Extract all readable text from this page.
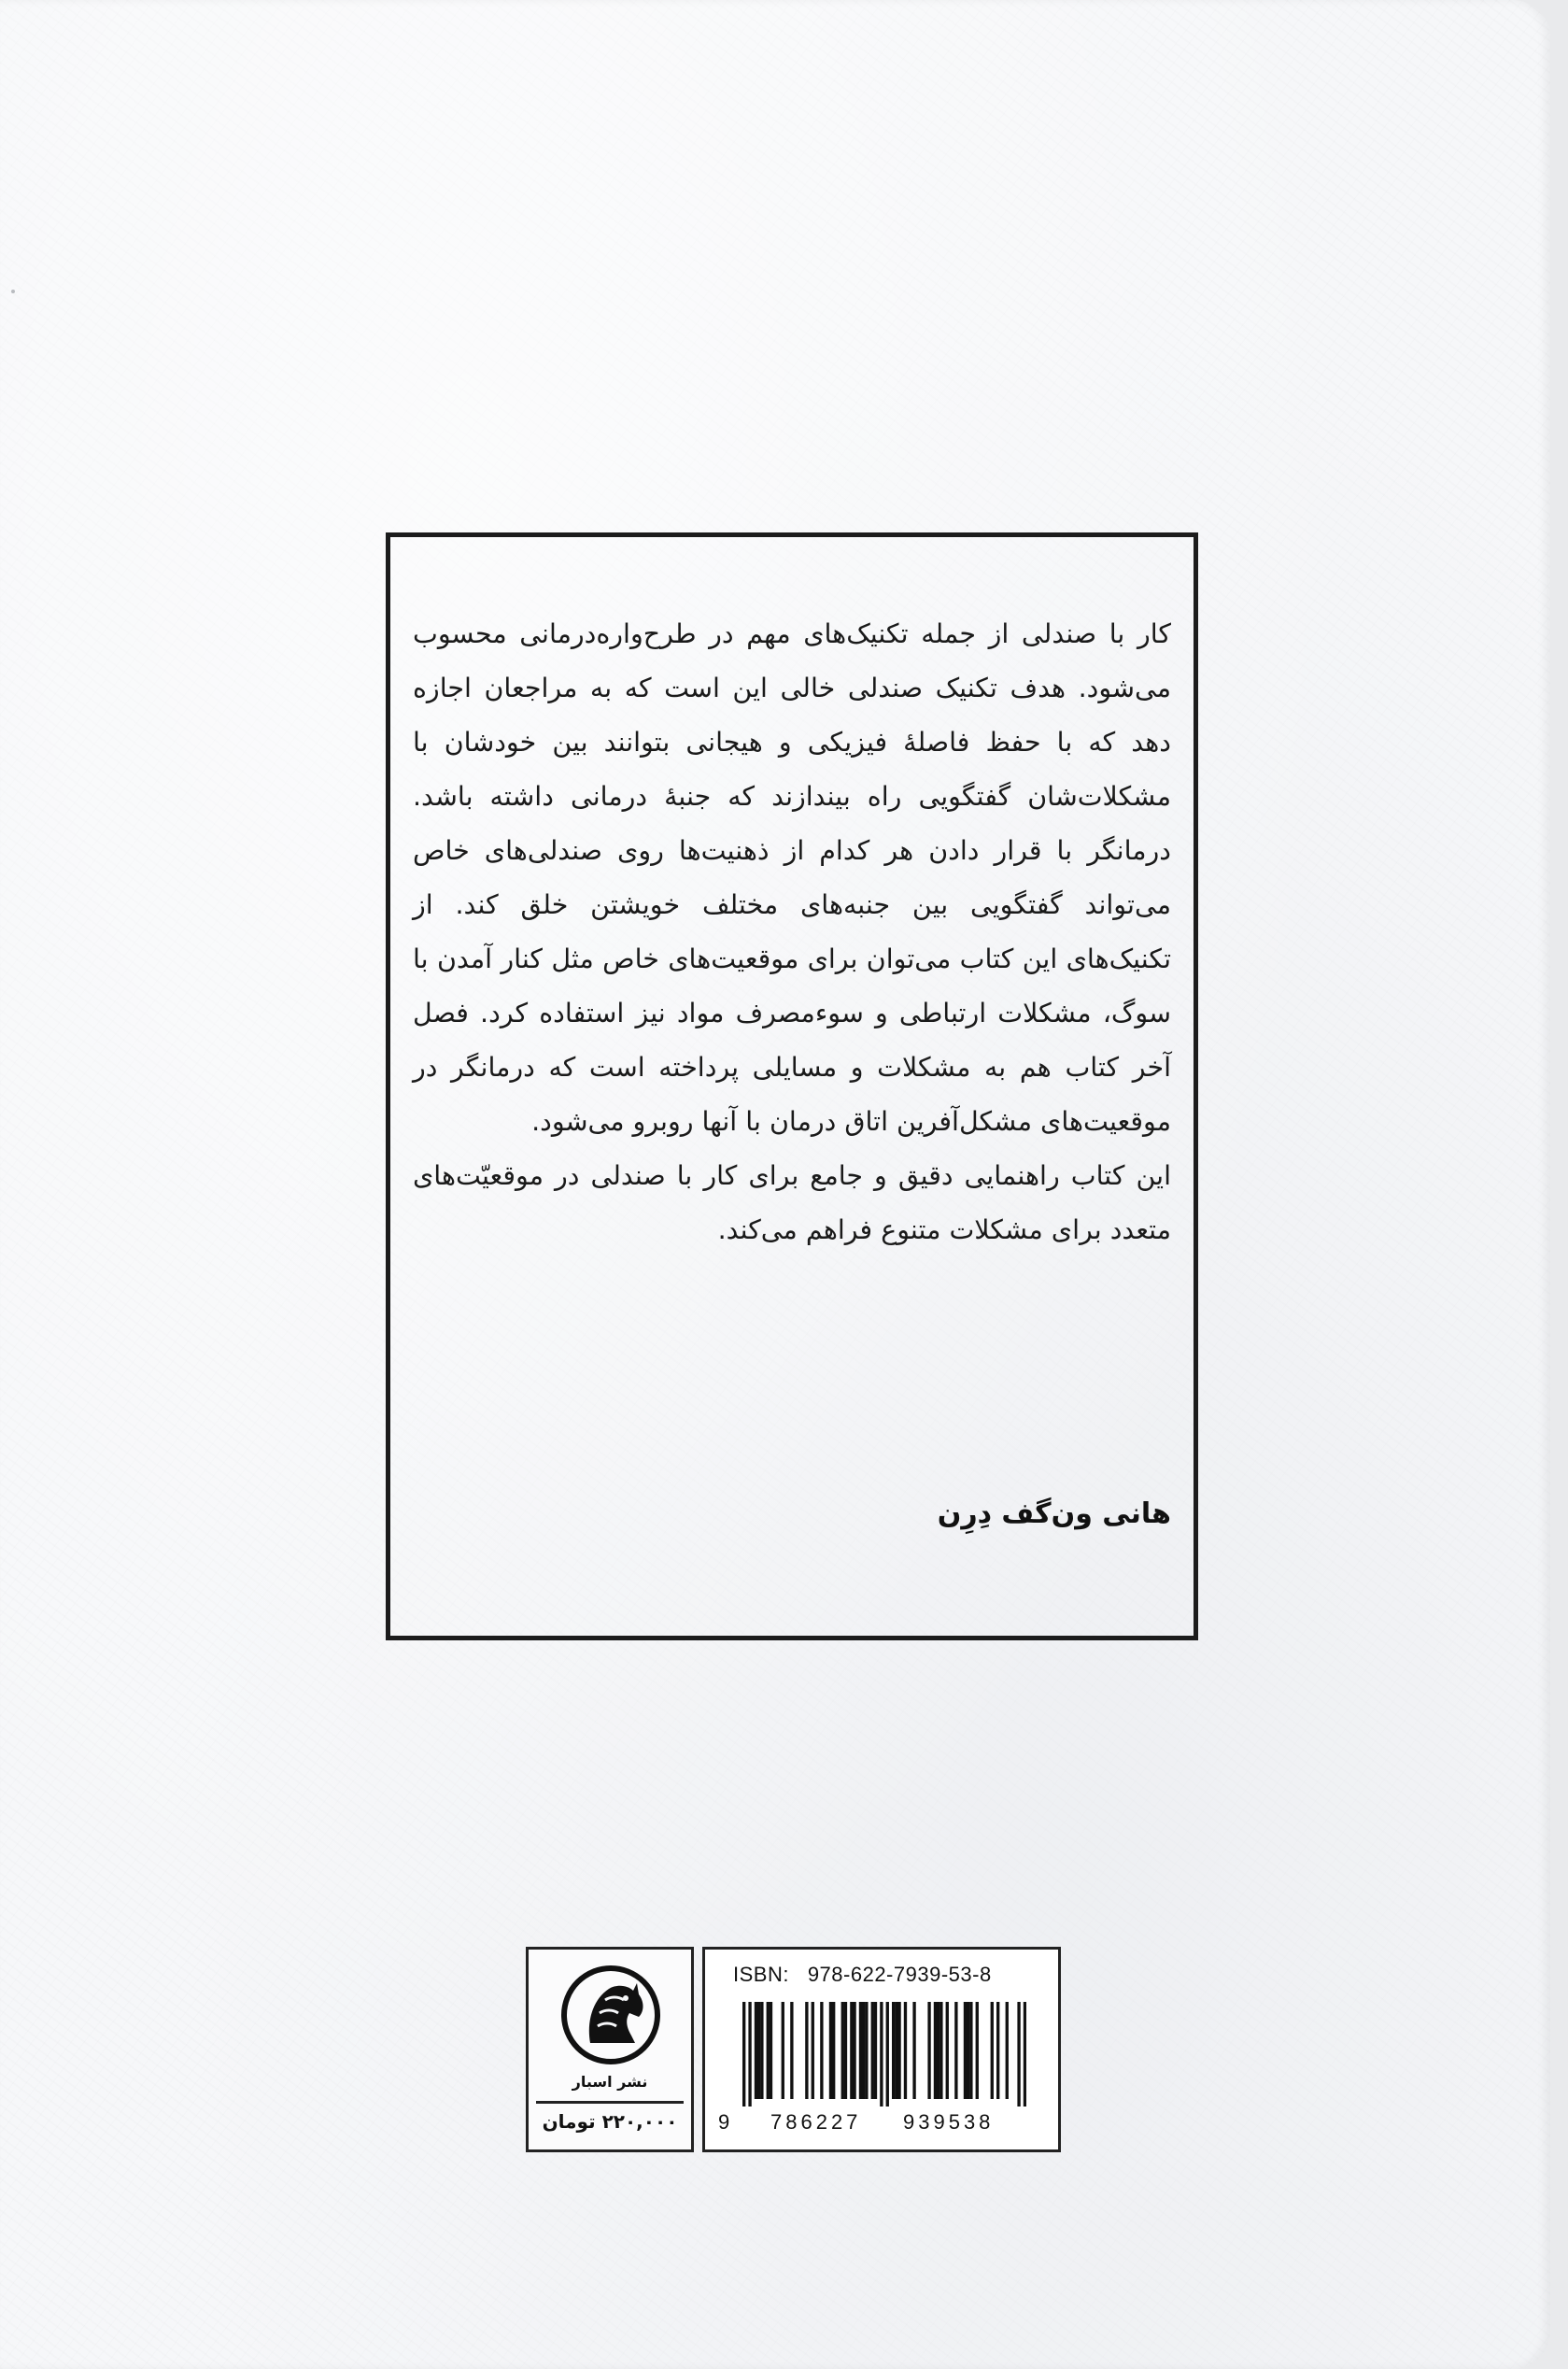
کار با صندلی از جمله تکنیک‌های مهم در طرح‌واره‌درمانی محسوب می‌شود. هدف تکنیک صندلی خالی این است که به مراجعان اجازه دهد که با حفظ فاصلهٔ فیزیکی و هیجانی بتوانند بین خودشان با مشکلات‌شان گفتگویی راه بیندازند که جنبهٔ درمانی داشته باشد. درمانگر با قرار دادن هر کدام از ذهنیت‌ها روی صندلی‌های خاص می‌تواند گفتگویی بین جنبه‌های مختلف خویشتن خلق کند. از تکنیک‌های این کتاب می‌توان برای موقعیت‌های خاص مثل کنار آمدن با سوگ، مشکلات ارتباطی و سوءمصرف مواد نیز استفاده کرد. فصل آخر کتاب هم به مشکلات و مسایلی پرداخته است که درمانگر در موقعیت‌های مشکل‌آفرین اتاق درمان با آنها روبرو می‌شود.

این کتاب راهنمایی دقیق و جامع برای کار با صندلی در موقعیّت‌های متعدد برای مشکلات متنوع فراهم می‌کند.

هانی ون‌گف دِرِن
نشر اسبار
۲۲۰,۰۰۰ تومان
ISBN: 978-622-7939-53-8
9 786227 939538
